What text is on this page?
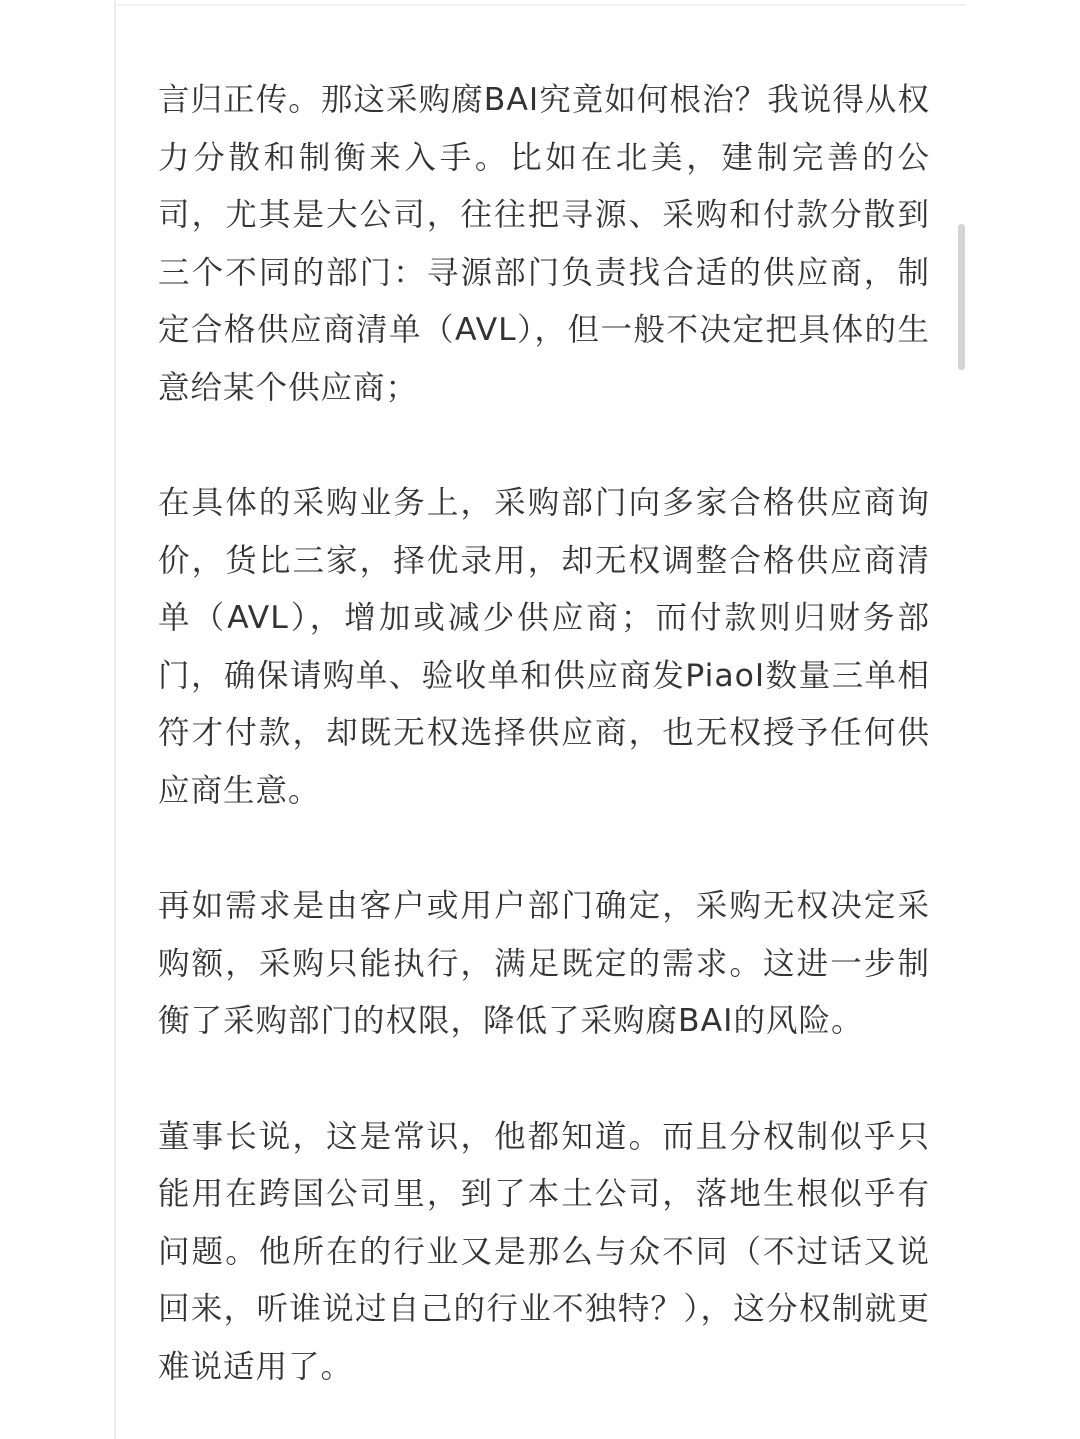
言归正传。那这采购腐BAI究竟如何根治？我说得从权力分散和制衡来入手。比如在北美，建制完善的公司，尤其是大公司，往往把寻源、采购和付款分散到三个不同的部门：寻源部门负责找合适的供应商，制定合格供应商清单（AVL），但一般不决定把具体的生意给某个供应商；

在具体的采购业务上，采购部门向多家合格供应商询价，货比三家，择优录用，却无权调整合格供应商清单（AVL），增加或减少供应商；而付款则归财务部门，确保请购单、验收单和供应商发PiaoI数量三单相符才付款，却既无权选择供应商，也无权授予任何供应商生意。

再如需求是由客户或用户部门确定，采购无权决定采购额，采购只能执行，满足既定的需求。这进一步制衡了采购部门的权限，降低了采购腐BAI的风险。

董事长说，这是常识，他都知道。而且分权制似乎只能用在跨国公司里，到了本土公司，落地生根似乎有问题。他所在的行业又是那么与众不同（不过话又说回来，听谁说过自己的行业不独特？），这分权制就更难说适用了。
